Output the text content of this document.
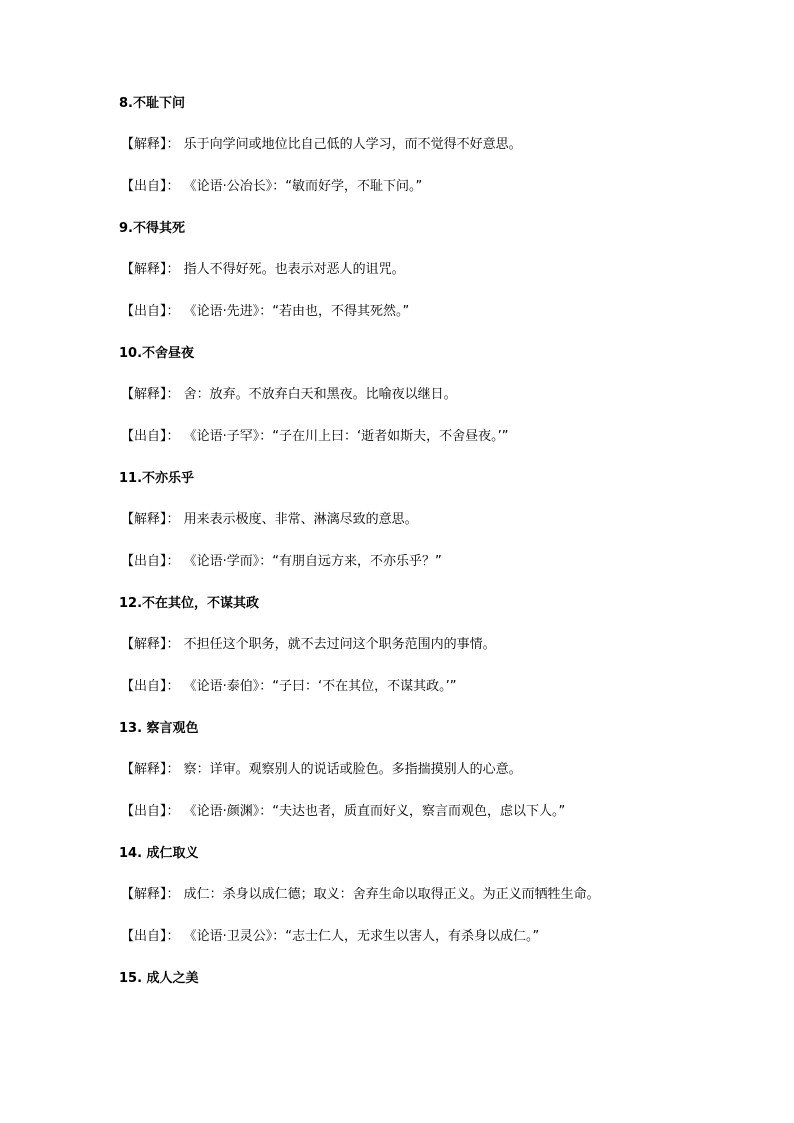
8.不耻下问
【解释】： 乐于向学问或地位比自己低的人学习，而不觉得不好意思。
【出自】： 《论语·公冶长》：“敏而好学，不耻下问。”
9.不得其死
【解释】： 指人不得好死。也表示对恶人的诅咒。
【出自】： 《论语·先进》：“若由也，不得其死然。”
10.不舍昼夜
【解释】： 舍：放弃。不放弃白天和黑夜。比喻夜以继日。
【出自】： 《论语·子罕》：“子在川上曰：‘逝者如斯夫，不舍昼夜。’”
11.不亦乐乎
【解释】： 用来表示极度、非常、淋漓尽致的意思。
【出自】： 《论语·学而》：“有朋自远方来，不亦乐乎？”
12.不在其位，不谋其政
【解释】： 不担任这个职务，就不去过问这个职务范围内的事情。
【出自】： 《论语·泰伯》：“子曰：‘不在其位，不谋其政。’”
13. 察言观色
【解释】： 察：详审。观察别人的说话或脸色。多指揣摸别人的心意。
【出自】： 《论语·颜渊》：“夫达也者，质直而好义，察言而观色，虑以下人。”
14. 成仁取义
【解释】： 成仁：杀身以成仁德；取义：舍弃生命以取得正义。为正义而牺牲生命。
【出自】： 《论语·卫灵公》：“志士仁人，无求生以害人，有杀身以成仁。”
15. 成人之美
